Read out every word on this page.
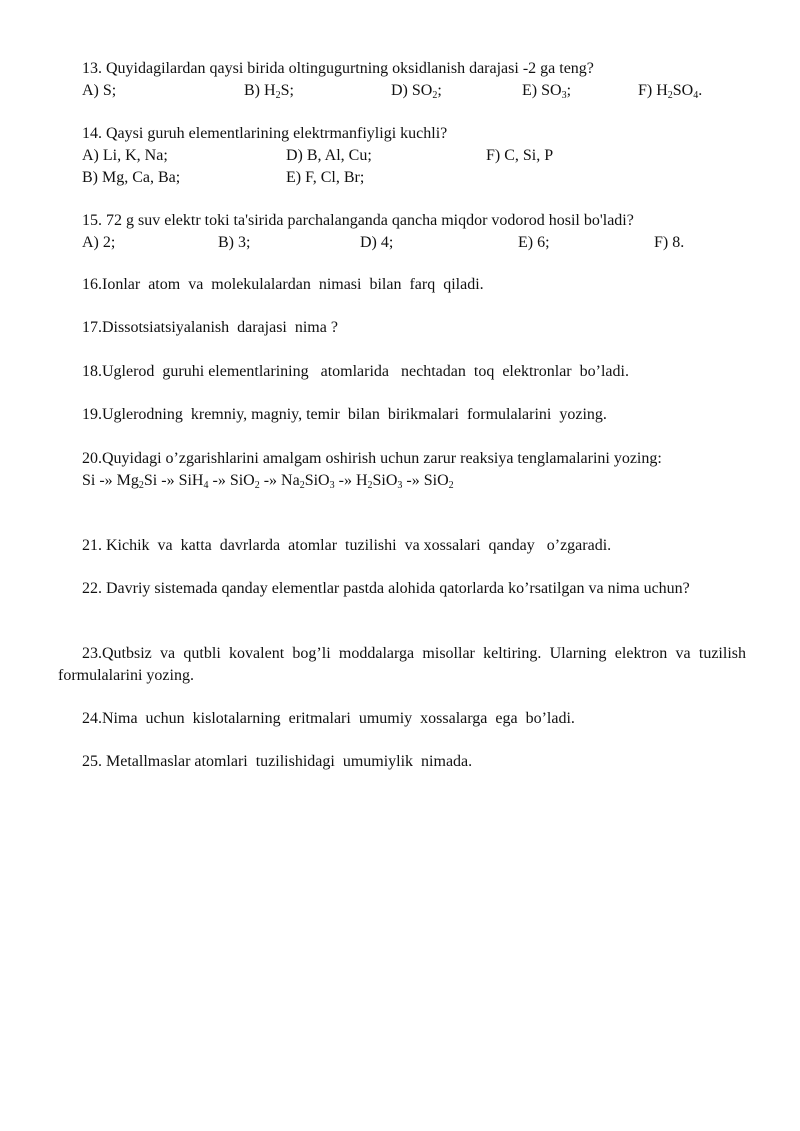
13. Quyidagilardan qaysi birida oltingugurtning oksidlanish darajasi -2 ga teng?
A) S;	B) $H_2S$;	D) $SO_2$;	E) $SO_3$;	F) $H_2SO_4$.
14. Qaysi guruh elementlarining elektrmanfiyligi kuchli?
A) Li, K, Na;	D) B, Al, Cu;	F) C, Si, P
B) Mg, Ca, Ba;	E) F, Cl, Br;
15. 72 g suv elektr toki ta'sirida parchalanganda qancha miqdor vodorod hosil bo'ladi?
A) 2;	B) 3;	D) 4;	E) 6;	F) 8.
16.Ionlar  atom  va  molekulalardan  nimasi  bilan  farq  qiladi.
17.Dissotsiatsiyalanish  darajasi  nima ?
18.Uglerod  guruhi elementlarining   atomlarida   nechtadan  toq  elektronlar  bo’ladi.
19.Uglerodning  kremniy, magniy, temir  bilan  birikmalari  formulalarini  yozing.
20.Quyidagi o’zgarishlarini amalgam oshirish uchun zarur reaksiya tenglamalarini yozing:
Si -» $Mg_2Si$ -» SiH$_4$ -» SiO$_2$ -» $Na_2SiO_3$ -» $H_2SiO_3$ -» SiO$_2$
21. Kichik  va  katta  davrlarda  atomlar  tuzilishi  va xossalari  qanday   o’zgaradi.
22. Davriy sistemada qanday elementlar pastda alohida qatorlarda ko’rsatilgan va nima uchun?
23.Qutbsiz va qutbli kovalent bog’li moddalarga misollar keltiring. Ularning elektron va tuzilish formulalarini yozing.
24.Nima  uchun  kislotalarning  eritmalari  umumiy  xossalarga  ega  bo’ladi.
25. Metallmaslar atomlari  tuzilishidagi  umumiylik  nimada.
